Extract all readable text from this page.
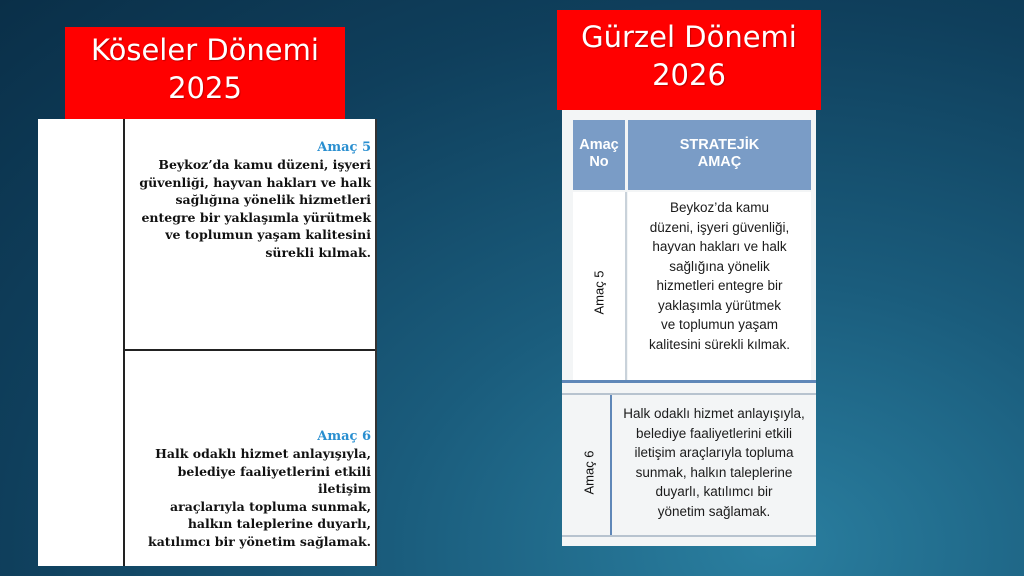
Köseler Dönemi
2025
Gürzel Dönemi
2026
Amaç 5
Beykoz’da kamu düzeni, işyeri
güvenliği, hayvan hakları ve halk
sağlığına yönelik hizmetleri
entegre bir yaklaşımla yürütmek
ve toplumun yaşam kalitesini
sürekli kılmak.
Amaç 6
Halk odaklı hizmet anlayışıyla,
belediye faaliyetlerini etkili iletişim
araçlarıyla topluma sunmak,
halkın taleplerine duyarlı,
katılımcı bir yönetim sağlamak.
Amaç
No
STRATEJİK
AMAÇ
Amaç 5
Beykoz’da kamu
düzeni, işyeri güvenliği,
hayvan hakları ve halk
sağlığına yönelik
hizmetleri entegre bir
yaklaşımla yürütmek
ve toplumun yaşam
kalitesini sürekli kılmak.
Amaç 6
Halk odaklı hizmet anlayışıyla,
belediye faaliyetlerini etkili
iletişim araçlarıyla topluma
sunmak, halkın taleplerine
duyarlı, katılımcı bir
yönetim sağlamak.
